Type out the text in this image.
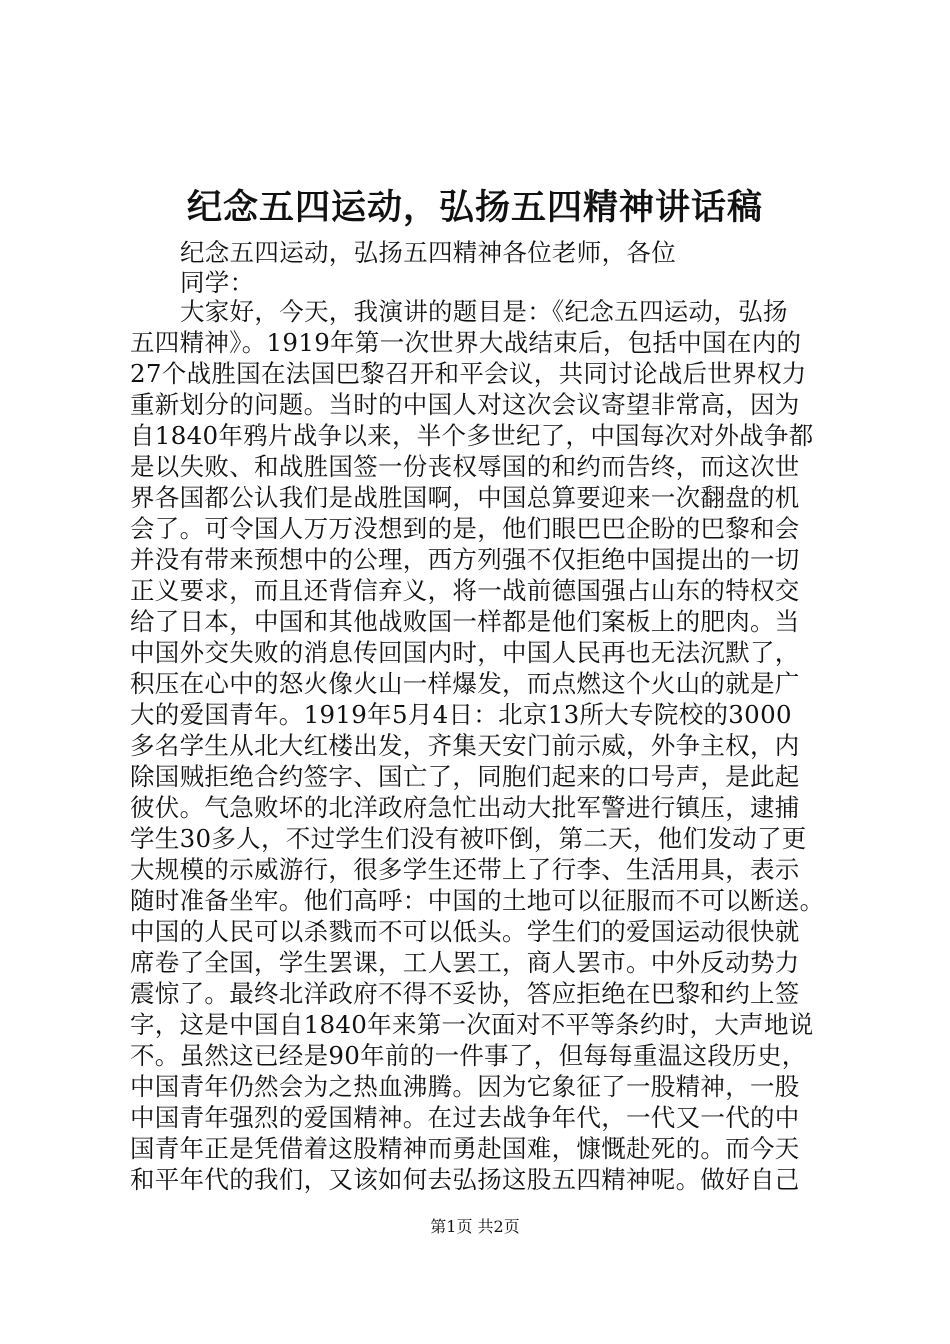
纪念五四运动，弘扬五四精神讲话稿
纪念五四运动，弘扬五四精神各位老师，各位
同学：
大家好，今天，我演讲的题目是：《纪念五四运动，弘扬
五四精神》。1919年第一次世界大战结束后，包括中国在内的
27个战胜国在法国巴黎召开和平会议，共同讨论战后世界权力
重新划分的问题。当时的中国人对这次会议寄望非常高，因为
自1840年鸦片战争以来，半个多世纪了，中国每次对外战争都
是以失败、和战胜国签一份丧权辱国的和约而告终，而这次世
界各国都公认我们是战胜国啊，中国总算要迎来一次翻盘的机
会了。可令国人万万没想到的是，他们眼巴巴企盼的巴黎和会
并没有带来预想中的公理，西方列强不仅拒绝中国提出的一切
正义要求，而且还背信弃义，将一战前德国强占山东的特权交
给了日本，中国和其他战败国一样都是他们案板上的肥肉。当
中国外交失败的消息传回国内时，中国人民再也无法沉默了，
积压在心中的怒火像火山一样爆发，而点燃这个火山的就是广
大的爱国青年。1919年5月4日：北京13所大专院校的3000
多名学生从北大红楼出发，齐集天安门前示威，外争主权，内
除国贼拒绝合约签字、国亡了，同胞们起来的口号声，是此起
彼伏。气急败坏的北洋政府急忙出动大批军警进行镇压，逮捕
学生30多人，不过学生们没有被吓倒，第二天，他们发动了更
大规模的示威游行，很多学生还带上了行李、生活用具，表示
随时准备坐牢。他们高呼：中国的土地可以征服而不可以断送。
中国的人民可以杀戮而不可以低头。学生们的爱国运动很快就
席卷了全国，学生罢课，工人罢工，商人罢市。中外反动势力
震惊了。最终北洋政府不得不妥协，答应拒绝在巴黎和约上签
字，这是中国自1840年来第一次面对不平等条约时，大声地说
不。虽然这已经是90年前的一件事了，但每每重温这段历史，
中国青年仍然会为之热血沸腾。因为它象征了一股精神，一股
中国青年强烈的爱国精神。在过去战争年代，一代又一代的中
国青年正是凭借着这股精神而勇赴国难，慷慨赴死的。而今天
和平年代的我们，又该如何去弘扬这股五四精神呢。做好自己
第1页 共2页
